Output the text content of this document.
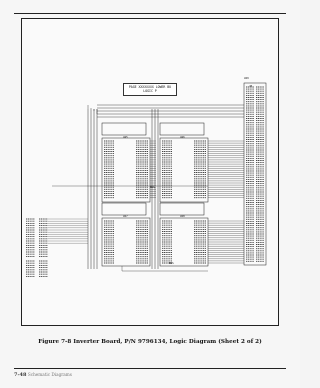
PAGE XXXXXXXX LOWER BU
LOGIC P
U45	U46
U47	U48
U49
J8
BUS
BUS
Figure 7-8 Inverter Board, P/N 9796134, Logic Diagram (Sheet 2 of 2)
7-48 Schematic Diagrams
